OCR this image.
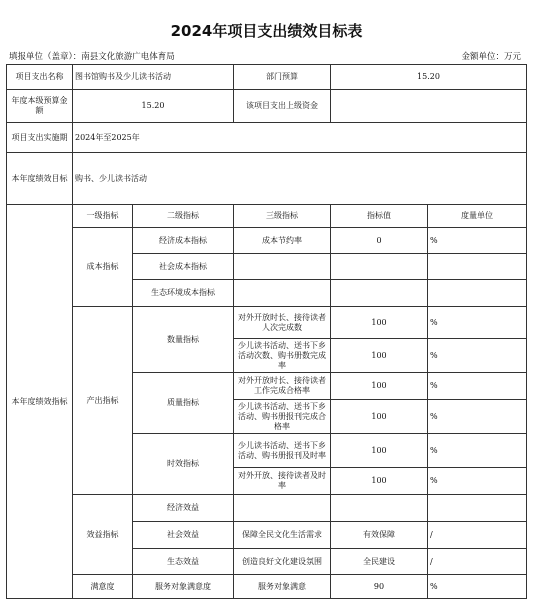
2024年项目支出绩效目标表
填报单位（盖章）：南县文化旅游广电体育局	金额单位：万元
项目支出名称	图书馆购书及少儿读书活动		部门预算	15.20	
年度本级预算金额	15.20		该项目支出上级资金		
项目支出实施期	2024年至2025年				
本年度绩效目标	购书、少儿读书活动				
本年度绩效指标	一级指标	二级指标	三级指标	指标值	度量单位
	成本指标	经济成本指标	成本节约率	0	%
		社会成本指标			
		生态环境成本指标			
	产出指标	数量指标	对外开放时长、接待读者人次完成数	100	%
			少儿读书活动、送书下乡活动次数、购书册数完成率	100	%
		质量指标	对外开放时长、接待读者工作完成合格率	100	%
			少儿读书活动、送书下乡活动、购书册报刊完成合格率	100	%
		时效指标	少儿读书活动、送书下乡活动、购书册报刊及时率	100	%
			对外开放、接待读者及时率	100	%
	效益指标	经济效益			
		社会效益	保障全民文化生活需求	有效保障	/
		生态效益	创造良好文化建设氛围	全民建设	/
	满意度	服务对象满意度	服务对象满意	90	%
